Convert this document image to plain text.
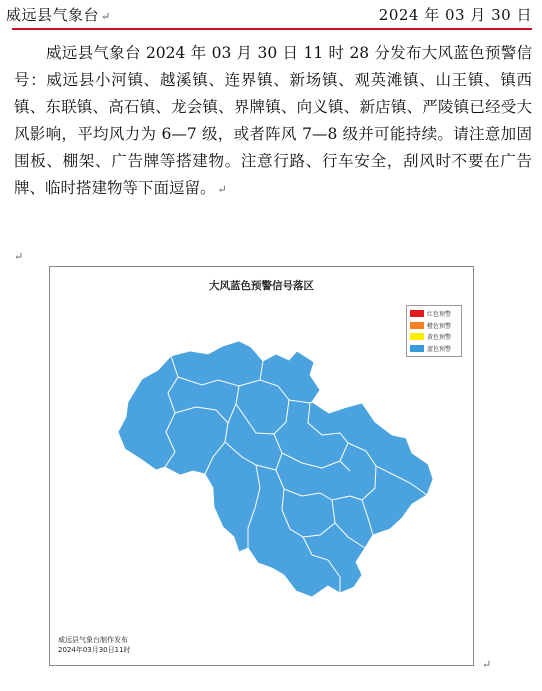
威远县气象台 ↵	2024 年 03 月 30 日

威远县气象台 2024 年 03 月 30 日 11 时 28 分发布大风蓝色预警信号：威远县小河镇、越溪镇、连界镇、新场镇、观英滩镇、山王镇、镇西镇、东联镇、高石镇、龙会镇、界牌镇、向义镇、新店镇、严陵镇已经受大风影响，平均风力为 6—7 级，或者阵风 7—8 级并可能持续。请注意加固围板、棚架、广告牌等搭建物。注意行路、行车安全，刮风时不要在广告牌、临时搭建物等下面逗留。 ↵

↵
·
·
·
·
·
·
·	·
·
大风蓝色预警信号落区
红色预警
橙色预警
黄色预警
蓝色预警
威远县气象台制作发布
2024年03月30日11时
↵
